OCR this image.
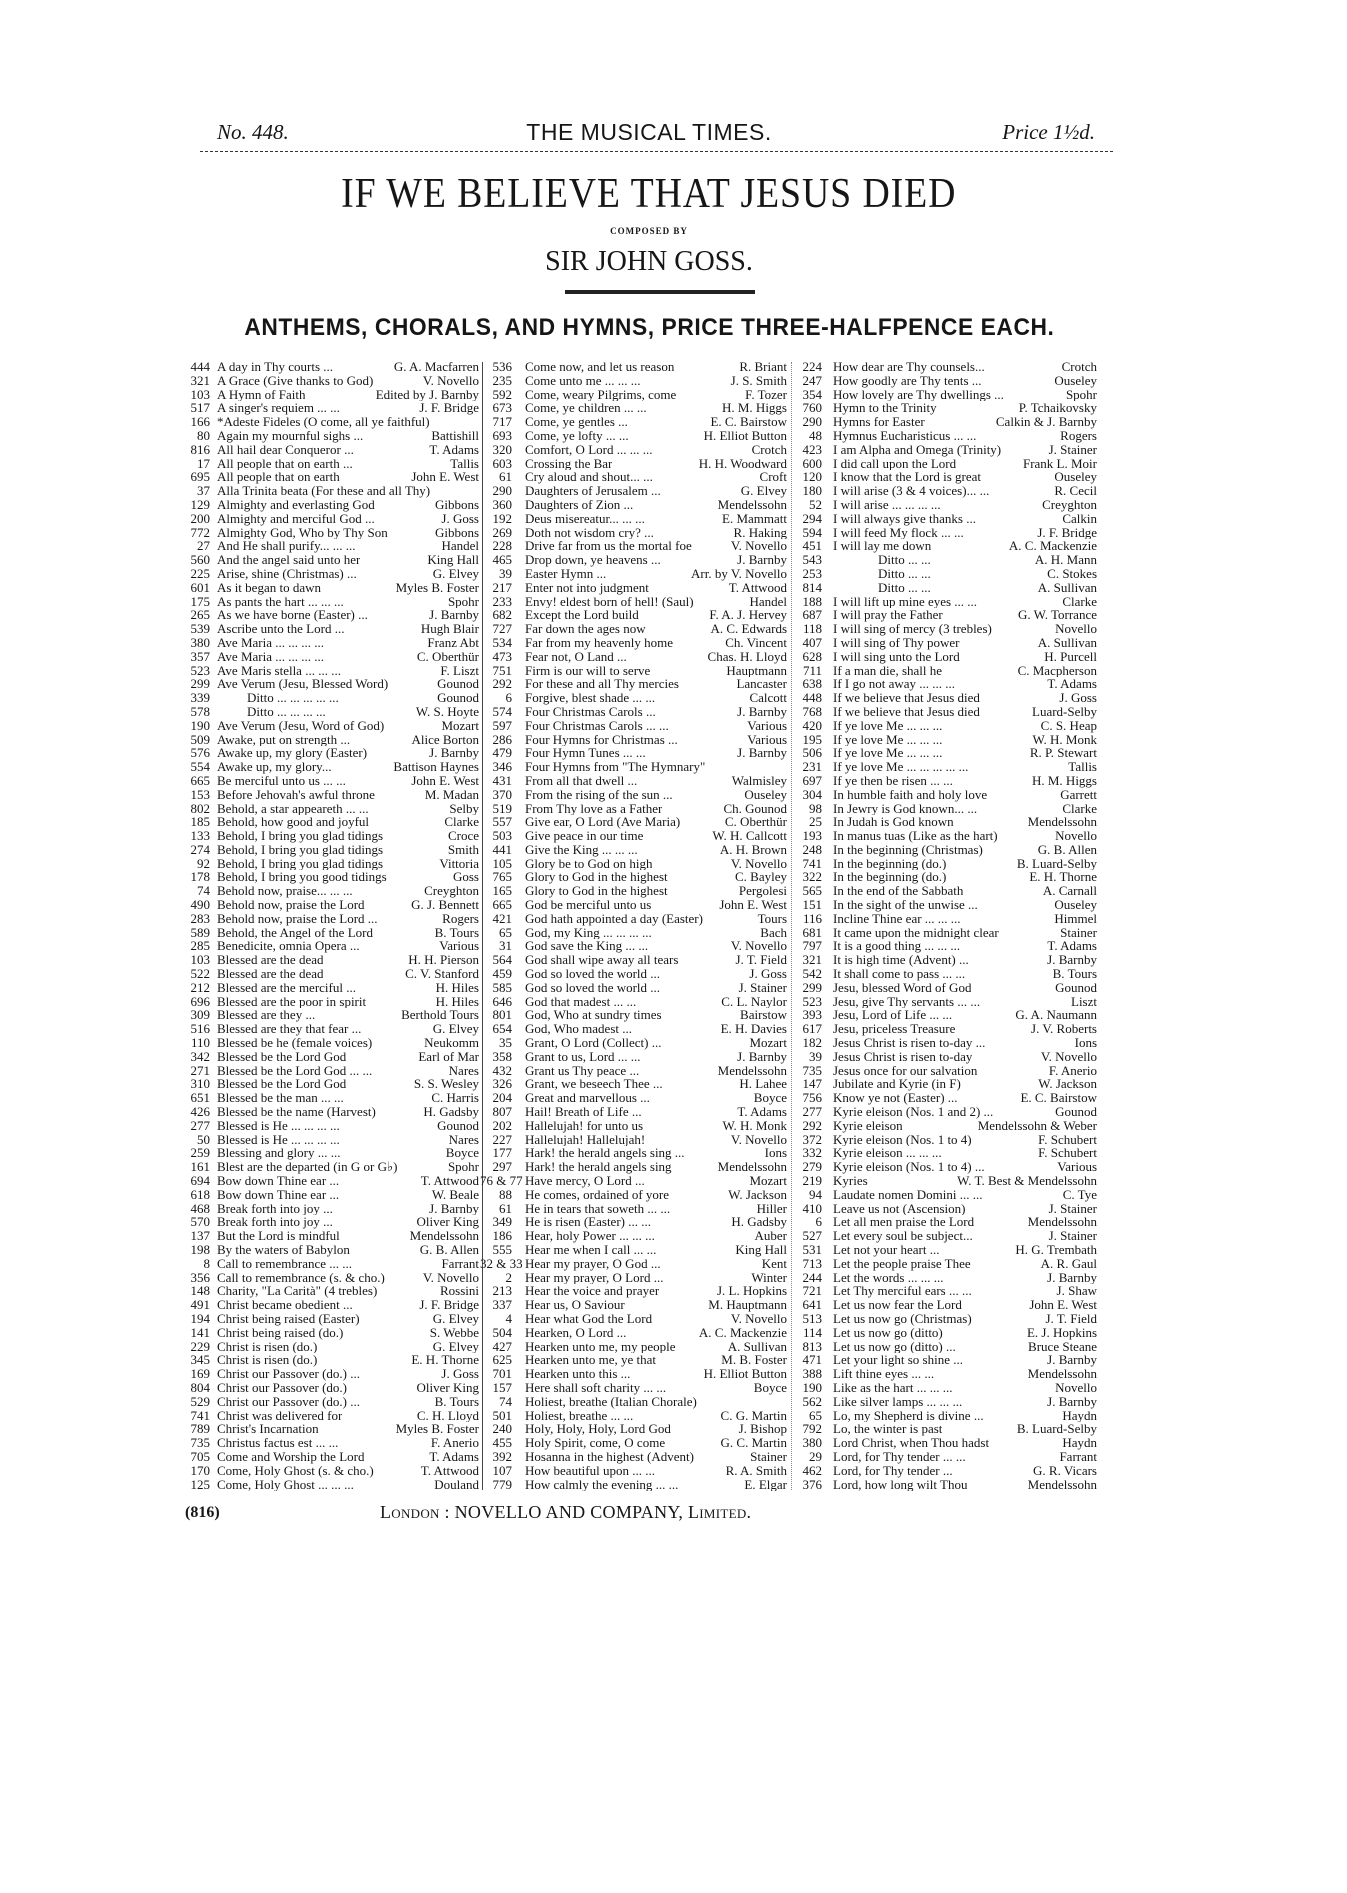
No. 448.	THE MUSICAL TIMES.	Price 1½d.
IF WE BELIEVE THAT JESUS DIED
COMPOSED BY
SIR JOHN GOSS.
ANTHEMS, CHORALS, AND HYMNS, PRICE THREE-HALFPENCE EACH.
444 A day in Thy courts ...	G. A. Macfarren
321 A Grace (Give thanks to God)	V. Novello
103 A Hymn of Faith	Edited by J. Barnby
517 A singer's requiem ... ...	J. F. Bridge
166 *Adeste Fideles (O come, all ye faithful)
80 Again my mournful sighs ...	Battishill
816 All hail dear Conqueror ...	T. Adams
17 All people that on earth ...	Tallis
695 All people that on earth	John E. West
37 Alla Trinita beata (For these and all Thy)
129 Almighty and everlasting God	Gibbons
200 Almighty and merciful God ...	J. Goss
772 Almighty God, Who by Thy Son	Gibbons
27 And He shall purify... ... ...	Handel
560 And the angel said unto her	King Hall
225 Arise, shine (Christmas) ...	G. Elvey
601 As it began to dawn	Myles B. Foster
175 As pants the hart ... ... ...	Spohr
265 As we have borne (Easter) ...	J. Barnby
539 Ascribe unto the Lord ...	Hugh Blair
380 Ave Maria ... ... ... ...	Franz Abt
357 Ave Maria ... ... ... ...	C. Oberthür
523 Ave Maris stella ... ... ...	F. Liszt
299 Ave Verum (Jesu, Blessed Word)	Gounod
339	Ditto ... ... ... ... ...	Gounod
578	Ditto ... ... ... ...	W. S. Hoyte
190 Ave Verum (Jesu, Word of God)	Mozart
509 Awake, put on strength ...	Alice Borton
576 Awake up, my glory (Easter)	J. Barnby
554 Awake up, my glory...	Battison Haynes
665 Be merciful unto us ... ...	John E. West
153 Before Jehovah's awful throne	M. Madan
802 Behold, a star appeareth ... ...	Selby
185 Behold, how good and joyful	Clarke
133 Behold, I bring you glad tidings	Croce
274 Behold, I bring you glad tidings	Smith
92 Behold, I bring you glad tidings	Vittoria
178 Behold, I bring you good tidings	Goss
74 Behold now, praise... ... ...	Creyghton
490 Behold now, praise the Lord	G. J. Bennett
283 Behold now, praise the Lord ...	Rogers
589 Behold, the Angel of the Lord	B. Tours
285 Benedicite, omnia Opera ...	Various
103 Blessed are the dead	H. H. Pierson
522 Blessed are the dead	C. V. Stanford
212 Blessed are the merciful ...	H. Hiles
696 Blessed are the poor in spirit	H. Hiles
309 Blessed are they ...	Berthold Tours
516 Blessed are they that fear ...	G. Elvey
110 Blessed be he (female voices)	Neukomm
342 Blessed be the Lord God	Earl of Mar
271 Blessed be the Lord God ... ...	Nares
310 Blessed be the Lord God	S. S. Wesley
651 Blessed be the man ... ...	C. Harris
426 Blessed be the name (Harvest)	H. Gadsby
277 Blessed is He ... ... ... ...	Gounod
50 Blessed is He ... ... ... ...	Nares
259 Blessing and glory ... ...	Boyce
161 Blest are the departed (in G or G♭)	Spohr
694 Bow down Thine ear ...	T. Attwood
618 Bow down Thine ear ...	W. Beale
468 Break forth into joy ...	J. Barnby
570 Break forth into joy ...	Oliver King
137 But the Lord is mindful	Mendelssohn
198 By the waters of Babylon	G. B. Allen
8 Call to remembrance ... ...	Farrant
356 Call to remembrance (s. & cho.)	V. Novello
148 Charity, "La Carità" (4 trebles)	Rossini
491 Christ became obedient ...	J. F. Bridge
194 Christ being raised (Easter)	G. Elvey
141 Christ being raised (do.)	S. Webbe
229 Christ is risen (do.)	G. Elvey
345 Christ is risen (do.)	E. H. Thorne
169 Christ our Passover (do.) ...	J. Goss
804 Christ our Passover (do.)	Oliver King
529 Christ our Passover (do.) ...	B. Tours
741 Christ was delivered for	C. H. Lloyd
789 Christ's Incarnation	Myles B. Foster
735 Christus factus est ... ...	F. Anerio
705 Come and Worship the Lord	T. Adams
170 Come, Holy Ghost (s. & cho.)	T. Attwood
125 Come, Holy Ghost ... ... ...	Douland
536 Come now, and let us reason	R. Briant
235 Come unto me ... ... ...	J. S. Smith
592 Come, weary Pilgrims, come	F. Tozer
673 Come, ye children ... ...	H. M. Higgs
717 Come, ye gentles ...	E. C. Bairstow
693 Come, ye lofty ... ...	H. Elliot Button
320 Comfort, O Lord ... ... ...	Crotch
603 Crossing the Bar	H. H. Woodward
61 Cry aloud and shout... ...	Croft
290 Daughters of Jerusalem ...	G. Elvey
360 Daughters of Zion ...	Mendelssohn
192 Deus misereatur... ... ...	E. Mammatt
269 Doth not wisdom cry? ...	R. Haking
228 Drive far from us the mortal foe	V. Novello
465 Drop down, ye heavens ...	J. Barnby
39 Easter Hymn ...	Arr. by V. Novello
217 Enter not into judgment	T. Attwood
233 Envy! eldest born of hell! (Saul)	Handel
682 Except the Lord build	F. A. J. Hervey
727 Far down the ages now	A. C. Edwards
534 Far from my heavenly home	Ch. Vincent
473 Fear not, O Land ...	Chas. H. Lloyd
751 Firm is our will to serve	Hauptmann
292 For these and all Thy mercies	Lancaster
6 Forgive, blest shade ... ...	Calcott
574 Four Christmas Carols ...	J. Barnby
597 Four Christmas Carols ... ...	Various
286 Four Hymns for Christmas ...	Various
479 Four Hymn Tunes ... ...	J. Barnby
346 Four Hymns from "The Hymnary"
431 From all that dwell ...	Walmisley
370 From the rising of the sun ...	Ouseley
519 From Thy love as a Father	Ch. Gounod
557 Give ear, O Lord (Ave Maria)	C. Oberthür
503 Give peace in our time	W. H. Callcott
441 Give the King ... ... ...	A. H. Brown
105 Glory be to God on high	V. Novello
765 Glory to God in the highest	C. Bayley
165 Glory to God in the highest	Pergolesi
665 God be merciful unto us	John E. West
421 God hath appointed a day (Easter)	Tours
65 God, my King ... ... ... ...	Bach
31 God save the King ... ...	V. Novello
564 God shall wipe away all tears	J. T. Field
459 God so loved the world ...	J. Goss
585 God so loved the world ...	J. Stainer
646 God that madest ... ...	C. L. Naylor
801 God, Who at sundry times	Bairstow
654 God, Who madest ...	E. H. Davies
35 Grant, O Lord (Collect) ...	Mozart
358 Grant to us, Lord ... ...	J. Barnby
432 Grant us Thy peace ...	Mendelssohn
326 Grant, we beseech Thee ...	H. Lahee
204 Great and marvellous ...	Boyce
807 Hail! Breath of Life ...	T. Adams
202 Hallelujah! for unto us	W. H. Monk
227 Hallelujah! Hallelujah!	V. Novello
177 Hark! the herald angels sing ...	Ions
297 Hark! the herald angels sing	Mendelssohn
76 & 77 Have mercy, O Lord ...	Mozart
88 He comes, ordained of yore	W. Jackson
61 He in tears that soweth ... ...	Hiller
349 He is risen (Easter) ... ...	H. Gadsby
186 Hear, holy Power ... ... ...	Auber
555 Hear me when I call ... ...	King Hall
32 & 33 Hear my prayer, O God ...	Kent
2 Hear my prayer, O Lord ...	Winter
213 Hear the voice and prayer	J. L. Hopkins
337 Hear us, O Saviour	M. Hauptmann
4 Hear what God the Lord	V. Novello
504 Hearken, O Lord ...	A. C. Mackenzie
427 Hearken unto me, my people	A. Sullivan
625 Hearken unto me, ye that	M. B. Foster
701 Hearken unto this ...	H. Elliot Button
157 Here shall soft charity ... ...	Boyce
74 Holiest, breathe (Italian Chorale)
501 Holiest, breathe ... ...	C. G. Martin
240 Holy, Holy, Holy, Lord God	J. Bishop
455 Holy Spirit, come, O come	G. C. Martin
392 Hosanna in the highest (Advent)	Stainer
107 How beautiful upon ... ...	R. A. Smith
779 How calmly the evening ... ...	E. Elgar
224 How dear are Thy counsels...	Crotch
247 How goodly are Thy tents ...	Ouseley
354 How lovely are Thy dwellings ...	Spohr
760 Hymn to the Trinity	P. Tchaikovsky
290 Hymns for Easter	Calkin & J. Barnby
48 Hymnus Eucharisticus ... ...	Rogers
423 I am Alpha and Omega (Trinity)	J. Stainer
600 I did call upon the Lord	Frank L. Moir
120 I know that the Lord is great	Ouseley
180 I will arise (3 & 4 voices)... ...	R. Cecil
52 I will arise ... ... ... ...	Creyghton
294 I will always give thanks ...	Calkin
594 I will feed My flock ... ...	J. F. Bridge
451 I will lay me down	A. C. Mackenzie
543	Ditto ... ...	A. H. Mann
253	Ditto ... ...	C. Stokes
814	Ditto ... ...	A. Sullivan
188 I will lift up mine eyes ... ...	Clarke
687 I will pray the Father	G. W. Torrance
118 I will sing of mercy (3 trebles)	Novello
407 I will sing of Thy power	A. Sullivan
628 I will sing unto the Lord	H. Purcell
711 If a man die, shall he	C. Macpherson
638 If I go not away ... ... ...	T. Adams
448 If we believe that Jesus died	J. Goss
768 If we believe that Jesus died	Luard-Selby
420 If ye love Me ... ... ...	C. S. Heap
195 If ye love Me ... ... ...	W. H. Monk
506 If ye love Me ... ... ...	R. P. Stewart
231 If ye love Me ... ... ... ... ...	Tallis
697 If ye then be risen ... ...	H. M. Higgs
304 In humble faith and holy love	Garrett
98 In Jewry is God known... ...	Clarke
25 In Judah is God known	Mendelssohn
193 In manus tuas (Like as the hart)	Novello
248 In the beginning (Christmas)	G. B. Allen
741 In the beginning (do.)	B. Luard-Selby
322 In the beginning (do.)	E. H. Thorne
565 In the end of the Sabbath	A. Carnall
151 In the sight of the unwise ...	Ouseley
116 Incline Thine ear ... ... ...	Himmel
681 It came upon the midnight clear	Stainer
797 It is a good thing ... ... ...	T. Adams
321 It is high time (Advent) ...	J. Barnby
542 It shall come to pass ... ...	B. Tours
299 Jesu, blessed Word of God	Gounod
523 Jesu, give Thy servants ... ...	Liszt
393 Jesu, Lord of Life ... ...	G. A. Naumann
617 Jesu, priceless Treasure	J. V. Roberts
182 Jesus Christ is risen to-day ...	Ions
39 Jesus Christ is risen to-day	V. Novello
735 Jesus once for our salvation	F. Anerio
147 Jubilate and Kyrie (in F)	W. Jackson
756 Know ye not (Easter) ...	E. C. Bairstow
277 Kyrie eleison (Nos. 1 and 2) ...	Gounod
292 Kyrie eleison	Mendelssohn & Weber
372 Kyrie eleison (Nos. 1 to 4)	F. Schubert
332 Kyrie eleison ... ... ...	F. Schubert
279 Kyrie eleison (Nos. 1 to 4) ...	Various
219 Kyries	W. T. Best & Mendelssohn
94 Laudate nomen Domini ... ...	C. Tye
410 Leave us not (Ascension)	J. Stainer
6 Let all men praise the Lord	Mendelssohn
527 Let every soul be subject...	J. Stainer
531 Let not your heart ...	H. G. Trembath
713 Let the people praise Thee	A. R. Gaul
244 Let the words ... ... ...	J. Barnby
721 Let Thy merciful ears ... ...	J. Shaw
641 Let us now fear the Lord	John E. West
513 Let us now go (Christmas)	J. T. Field
114 Let us now go (ditto)	E. J. Hopkins
813 Let us now go (ditto) ...	Bruce Steane
471 Let your light so shine ...	J. Barnby
388 Lift thine eyes ... ...	Mendelssohn
190 Like as the hart ... ... ...	Novello
562 Like silver lamps ... ... ...	J. Barnby
65 Lo, my Shepherd is divine ...	Haydn
792 Lo, the winter is past	B. Luard-Selby
380 Lord Christ, when Thou hadst	Haydn
29 Lord, for Thy tender ... ...	Farrant
462 Lord, for Thy tender ...	G. R. Vicars
376 Lord, how long wilt Thou	Mendelssohn
(816)	London : NOVELLO AND COMPANY, Limited.
